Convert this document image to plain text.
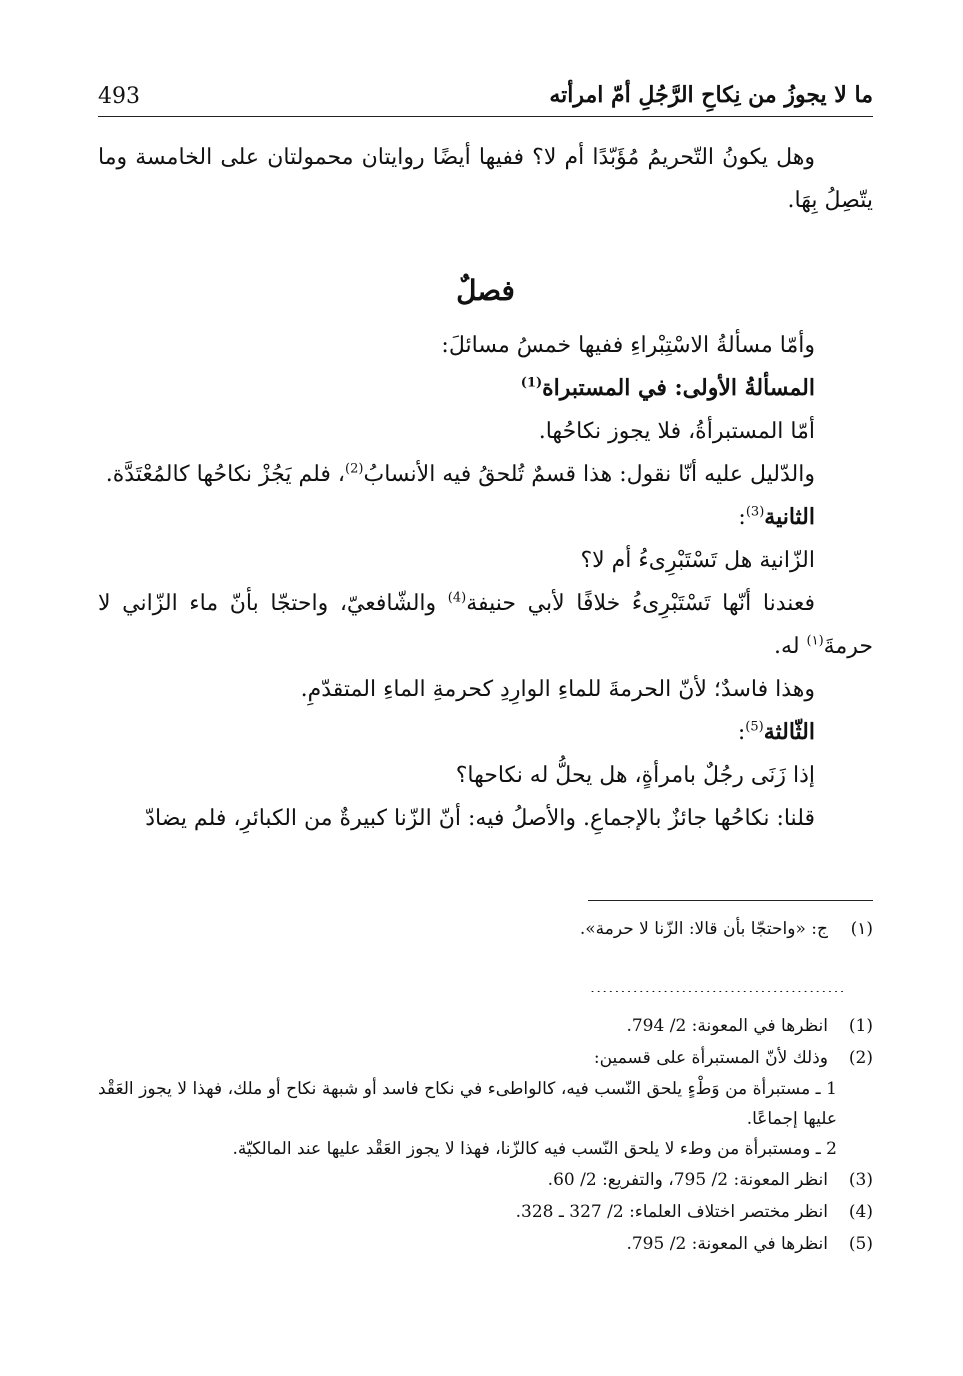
493	ما لا يجوزُ من نِكاحِ الرَّجُلِ أمّ امرأته

وهل يكونُ التّحريمُ مُؤَبّدًا أم لا؟ ففيها أيضًا روايتان محمولتان على الخامسة وما يتّصِلُ بِهَا.

فصلٌ

وأمّا مسألةُ الاسْتِبْراءِ ففيها خمسُ مسائلَ:

المسألةُ الأولى: في المستبراة$^{(1)}$

أمّا المستبرأةُ، فلا يجوز نكاحُها.

والدّليل عليه أنّا نقول: هذا قسمٌ تُلحقُ فيه الأنسابُ$^{(2)}$، فلم يَجُزْ نكاحُها كالمُعْتَدَّة.

الثانية$^{(3)}$:

الزّانية هل تَسْتَبْرِىءُ أم لا؟

فعندنا أنّها تَسْتَبْرِىءُ خلافًا لأبي حنيفة$^{(4)}$ والشّافعيّ، واحتجّا بأنّ ماء الزّاني لا حرمةَ$^{(١)}$ له.

وهذا فاسدٌ؛ لأنّ الحرمةَ للماءِ الوارِدِ كحرمةِ الماءِ المتقدّمِ.

الثّالثة$^{(5)}$:

إذا زَنَى رجُلٌ بامرأةٍ، هل يحلُّ له نكاحها؟

قلنا: نكاحُها جائزٌ بالإجماعِ. والأصلُ فيه: أنّ الزّنا كبيرةٌ من الكبائرِ، فلم يضادّ

(١)
ج: «واحتجّا بأن قالا: الزّنا لا حرمة».
..........................................
(1)
انظرها في المعونة: 2/ 794.
(2)
وذلك لأنّ المستبرأة على قسمين:

1 ـ مستبرأة من وَطْءٍ يلحق النّسب فيه، كالواطىء في نكاح فاسد أو شبهة نكاح أو ملك، فهذا لا يجوز العَقْد عليها إجماعًا.

2 ـ ومستبرأة من وطء لا يلحق النّسب فيه كالزّنا، فهذا لا يجوز العَقْد عليها عند المالكيّة.

(3)
انظر المعونة: 2/ 795، والتفريع: 2/ 60.
(4)
انظر مختصر اختلاف العلماء: 2/ 327 ـ 328.
(5)
انظرها في المعونة: 2/ 795.
